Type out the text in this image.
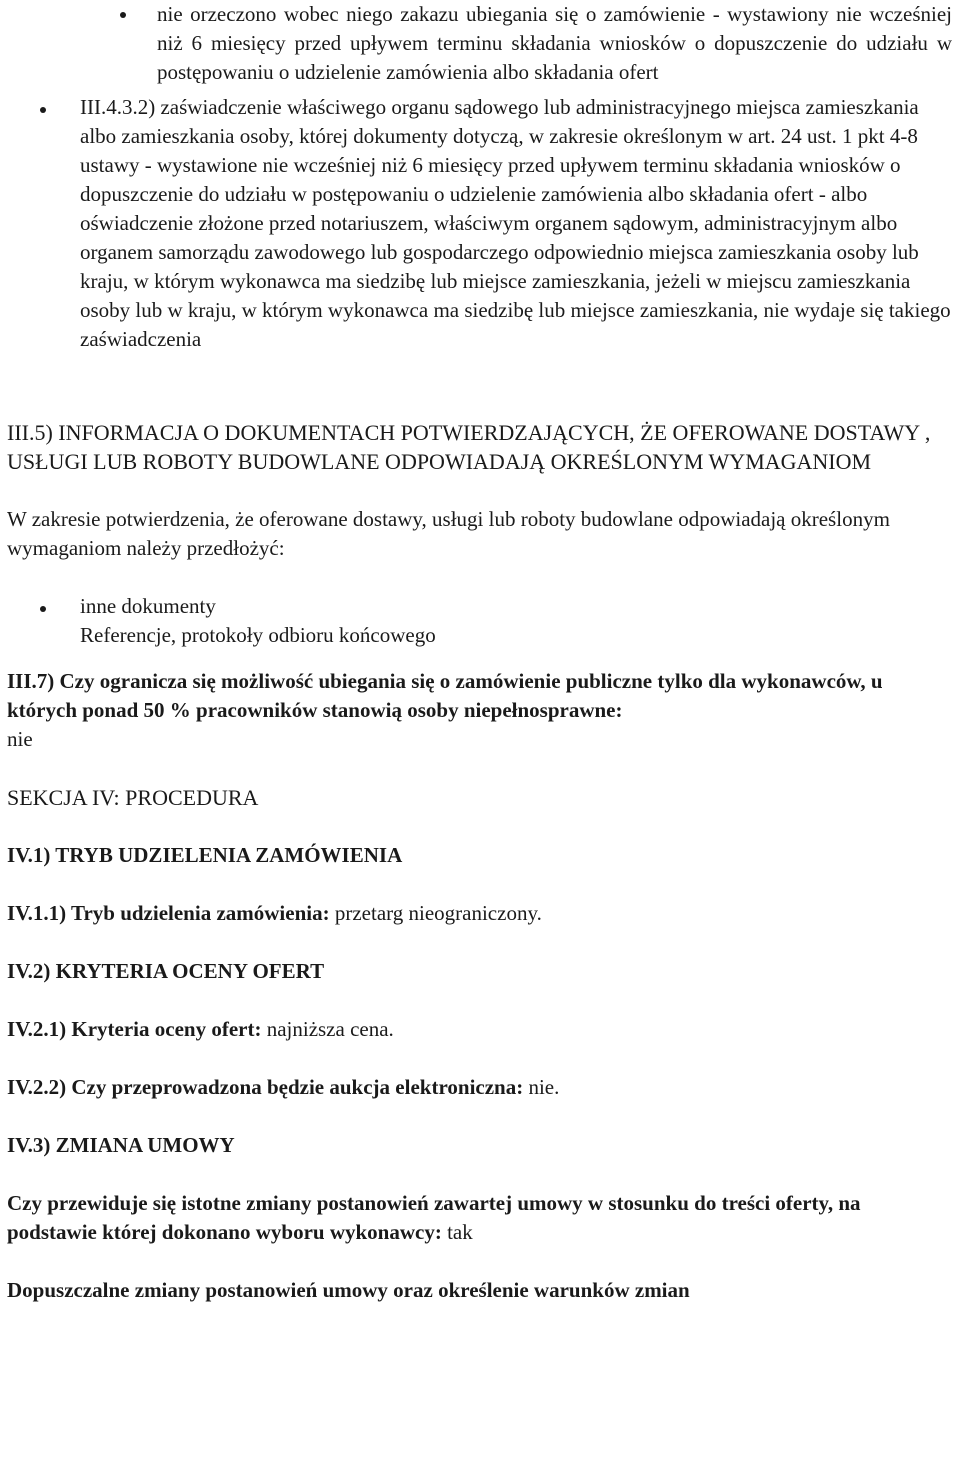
nie orzeczono wobec niego zakazu ubiegania się o zamówienie - wystawiony nie wcześniej niż 6 miesięcy przed upływem terminu składania wniosków o dopuszczenie do udziału w postępowaniu o udzielenie zamówienia albo składania ofert
III.4.3.2) zaświadczenie właściwego organu sądowego lub administracyjnego miejsca zamieszkania albo zamieszkania osoby, której dokumenty dotyczą, w zakresie określonym w art. 24 ust. 1 pkt 4-8 ustawy - wystawione nie wcześniej niż 6 miesięcy przed upływem terminu składania wniosków o dopuszczenie do udziału w postępowaniu o udzielenie zamówienia albo składania ofert - albo oświadczenie złożone przed notariuszem, właściwym organem sądowym, administracyjnym albo organem samorządu zawodowego lub gospodarczego odpowiednio miejsca zamieszkania osoby lub kraju, w którym wykonawca ma siedzibę lub miejsce zamieszkania, jeżeli w miejscu zamieszkania osoby lub w kraju, w którym wykonawca ma siedzibę lub miejsce zamieszkania, nie wydaje się takiego zaświadczenia

III.5) INFORMACJA O DOKUMENTACH POTWIERDZAJĄCYCH, ŻE OFEROWANE DOSTAWY , USŁUGI LUB ROBOTY BUDOWLANE ODPOWIADAJĄ OKREŚLONYM WYMAGANIOM

W zakresie potwierdzenia, że oferowane dostawy, usługi lub roboty budowlane odpowiadają określonym wymaganiom należy przedłożyć:

inne dokumenty
Referencje, protokoły odbioru końcowego

III.7) Czy ogranicza się możliwość ubiegania się o zamówienie publiczne tylko dla wykonawców, u których ponad 50 % pracowników stanowią osoby niepełnosprawne:
nie

SEKCJA IV: PROCEDURA

IV.1) TRYB UDZIELENIA ZAMÓWIENIA

IV.1.1) Tryb udzielenia zamówienia: przetarg nieograniczony.

IV.2) KRYTERIA OCENY OFERT

IV.2.1) Kryteria oceny ofert: najniższa cena.

IV.2.2) Czy przeprowadzona będzie aukcja elektroniczna: nie.

IV.3) ZMIANA UMOWY

Czy przewiduje się istotne zmiany postanowień zawartej umowy w stosunku do treści oferty, na podstawie której dokonano wyboru wykonawcy: tak

Dopuszczalne zmiany postanowień umowy oraz określenie warunków zmian
